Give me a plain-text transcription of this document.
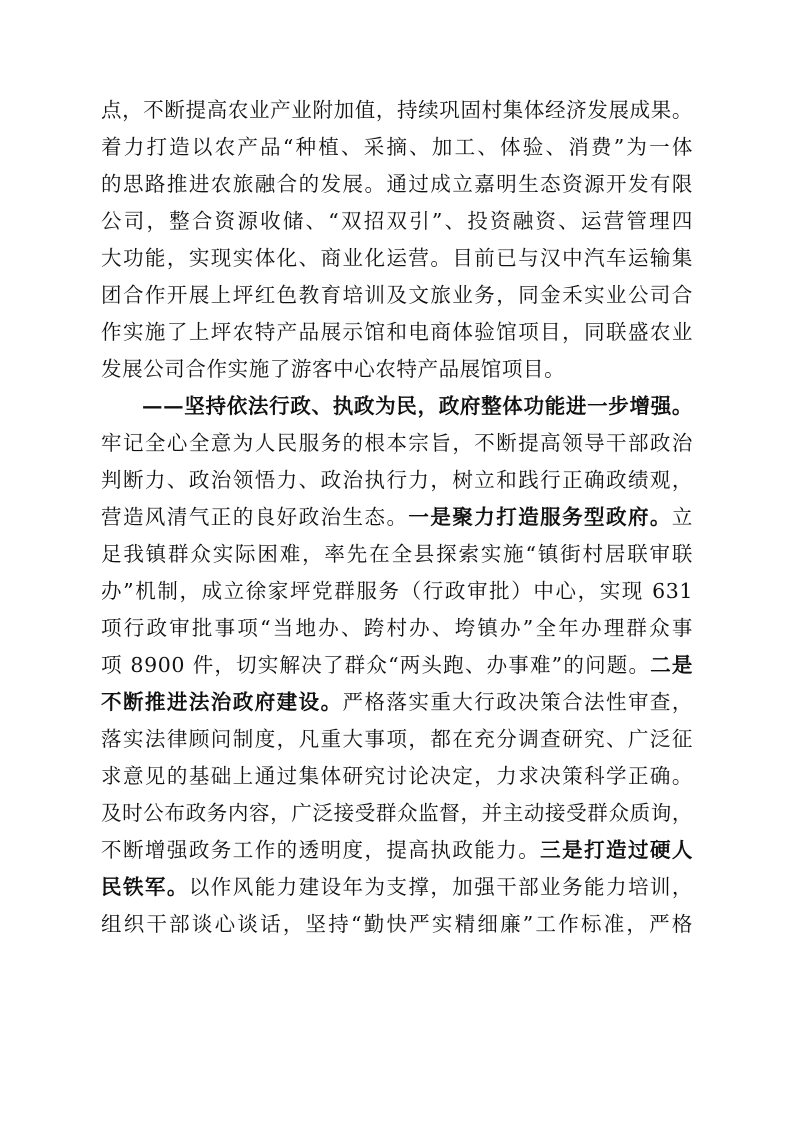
点，不断提高农业产业附加值，持续巩固村集体经济发展成果。
着力打造以农产品“种植、采摘、加工、体验、消费”为一体
的思路推进农旅融合的发展。通过成立嘉明生态资源开发有限
公司，整合资源收储、“双招双引”、投资融资、运营管理四
大功能，实现实体化、商业化运营。目前已与汉中汽车运输集
团合作开展上坪红色教育培训及文旅业务，同金禾实业公司合
作实施了上坪农特产品展示馆和电商体验馆项目，同联盛农业
发展公司合作实施了游客中心农特产品展馆项目。
——坚持依法行政、执政为民，政府整体功能进一步增强。
牢记全心全意为人民服务的根本宗旨，不断提高领导干部政治
判断力、政治领悟力、政治执行力，树立和践行正确政绩观，
营造风清气正的良好政治生态。一是聚力打造服务型政府。立
足我镇群众实际困难，率先在全县探索实施“镇街村居联审联
办”机制，成立徐家坪党群服务（行政审批）中心，实现 631
项行政审批事项“当地办、跨村办、垮镇办”全年办理群众事
项 8900 件，切实解决了群众“两头跑、办事难”的问题。二是
不断推进法治政府建设。严格落实重大行政决策合法性审查，
落实法律顾问制度，凡重大事项，都在充分调查研究、广泛征
求意见的基础上通过集体研究讨论决定，力求决策科学正确。
及时公布政务内容，广泛接受群众监督，并主动接受群众质询，
不断增强政务工作的透明度，提高执政能力。三是打造过硬人
民铁军。以作风能力建设年为支撑，加强干部业务能力培训，
组织干部谈心谈话，坚持“勤快严实精细廉”工作标准，严格
